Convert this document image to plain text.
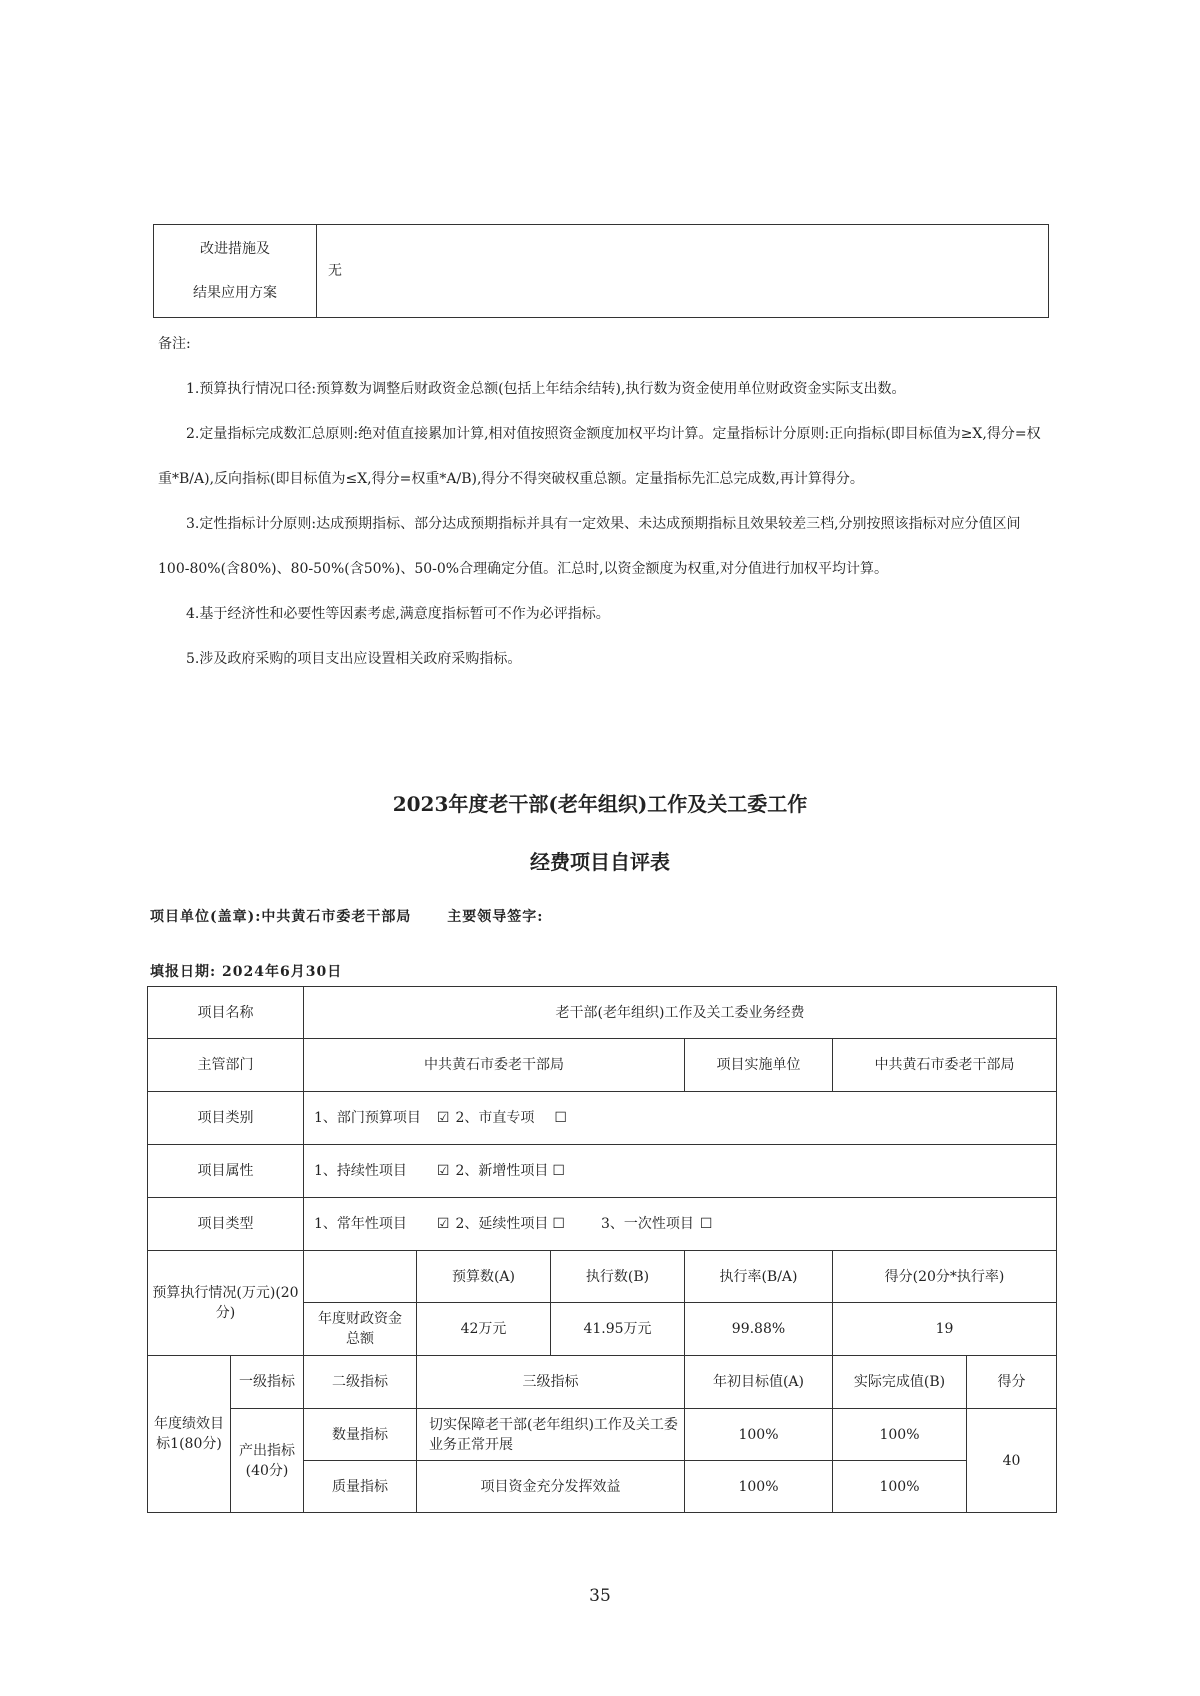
改进措施及
结果应用方案
	无

备注:

1.预算执行情况口径:预算数为调整后财政资金总额(包括上年结余结转),执行数为资金使用单位财政资金实际支出数。

2.定量指标完成数汇总原则:绝对值直接累加计算,相对值按照资金额度加权平均计算。定量指标计分原则:正向指标(即目标值为≥X,得分=权重*B/A),反向指标(即目标值为≤X,得分=权重*A/B),得分不得突破权重总额。定量指标先汇总完成数,再计算得分。

3.定性指标计分原则:达成预期指标、部分达成预期指标并具有一定效果、未达成预期指标且效果较差三档,分别按照该指标对应分值区间100-80%(含80%)、80-50%(含50%)、50-0%合理确定分值。汇总时,以资金额度为权重,对分值进行加权平均计算。

4.基于经济性和必要性等因素考虑,满意度指标暂可不作为必评指标。

5.涉及政府采购的项目支出应设置相关政府采购指标。

2023年度老干部(老年组织)工作及关工委工作
经费项目自评表
项目单位(盖章):中共黄石市委老干部局	主要领导签字:
填报日期: 2024年6月30日
项目名称		老干部(老年组织)工作及关工委业务经费					
主管部门		中共黄石市委老干部局			项目实施单位	中共黄石市委老干部局	
项目类别		1、部门预算项目 ☑ 2、市直专项 ☐					
项目属性		1、持续性项目 ☑ 2、新增性项目 ☐					
项目类型		1、常年性项目 ☑ 2、延续性项目 ☐ 3、一次性项目 ☐					
预算执行情况(万元)(20分)			预算数(A)	执行数(B)	执行率(B/A)	得分(20分*执行率)	
		年度财政资金总额	42万元	41.95万元	99.88%	19	
年度绩效目标1(80分)	一级指标	二级指标	三级指标		年初目标值(A)	实际完成值(B)	得分
	产出指标(40分)	数量指标	切实保障老干部(老年组织)工作及关工委业务正常开展		100%	100%	40
		质量指标	项目资金充分发挥效益		100%	100%	
35
